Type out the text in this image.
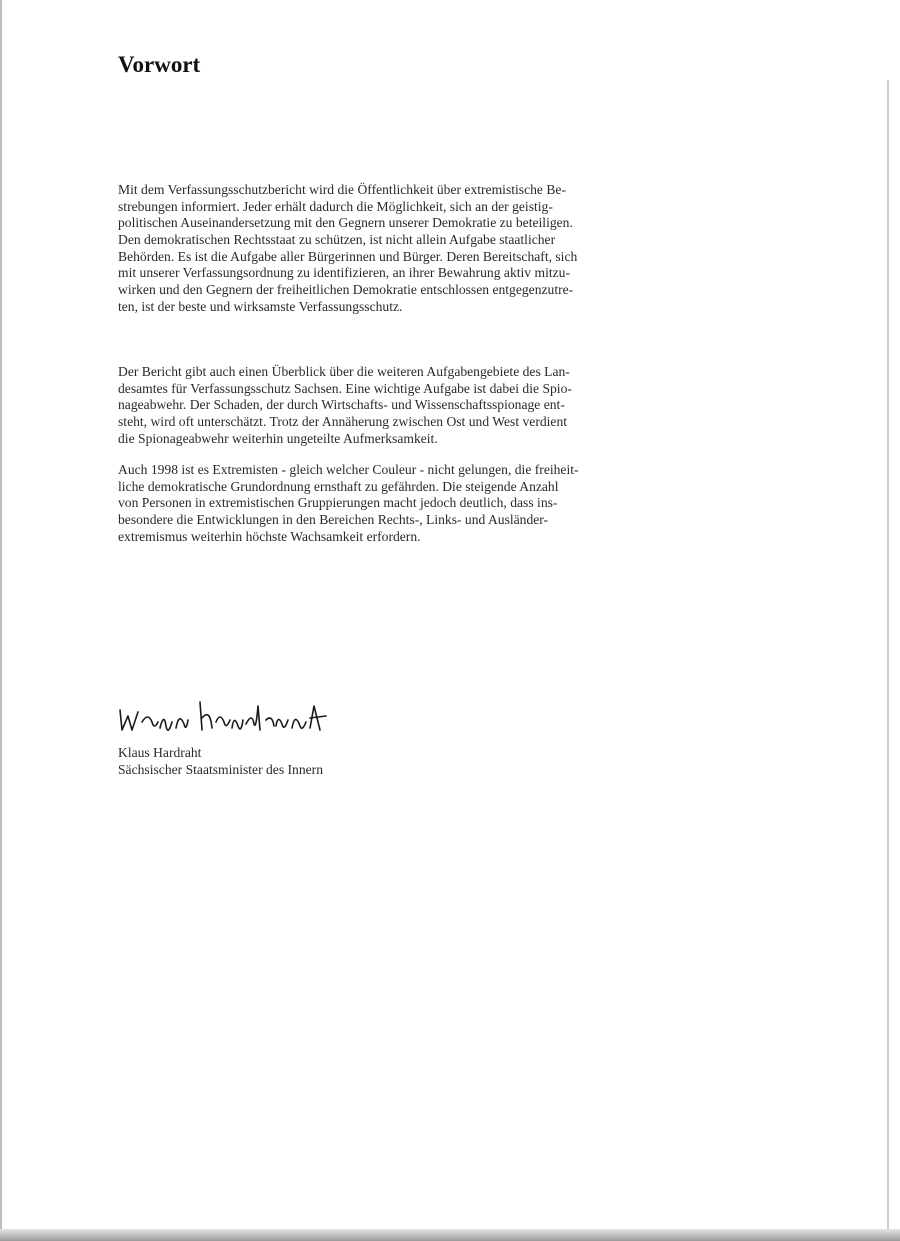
Vorwort
Mit dem Verfassungsschutzbericht wird die Öffentlichkeit über extremistische Be-
strebungen informiert. Jeder erhält dadurch die Möglichkeit, sich an der geistig-
politischen Auseinandersetzung mit den Gegnern unserer Demokratie zu beteiligen.
Den demokratischen Rechtsstaat zu schützen, ist nicht allein Aufgabe staatlicher
Behörden. Es ist die Aufgabe aller Bürgerinnen und Bürger. Deren Bereitschaft, sich
mit unserer Verfassungsordnung zu identifizieren, an ihrer Bewahrung aktiv mitzu-
wirken und den Gegnern der freiheitlichen Demokratie entschlossen entgegenzutre-
ten, ist der beste und wirksamste Verfassungsschutz.
Der Bericht gibt auch einen Überblick über die weiteren Aufgabengebiete des Lan-
desamtes für Verfassungsschutz Sachsen. Eine wichtige Aufgabe ist dabei die Spio-
nageabwehr. Der Schaden, der durch Wirtschafts- und Wissenschaftsspionage ent-
steht, wird oft unterschätzt. Trotz der Annäherung zwischen Ost und West verdient
die Spionageabwehr weiterhin ungeteilte Aufmerksamkeit.
Auch 1998 ist es Extremisten - gleich welcher Couleur - nicht gelungen, die freiheit-
liche demokratische Grundordnung ernsthaft zu gefährden. Die steigende Anzahl
von Personen in extremistischen Gruppierungen macht jedoch deutlich, dass ins-
besondere die Entwicklungen in den Bereichen Rechts-, Links- und Ausländer-
extremismus weiterhin höchste Wachsamkeit erfordern.
Klaus Hardraht
Sächsischer Staatsminister des Innern
